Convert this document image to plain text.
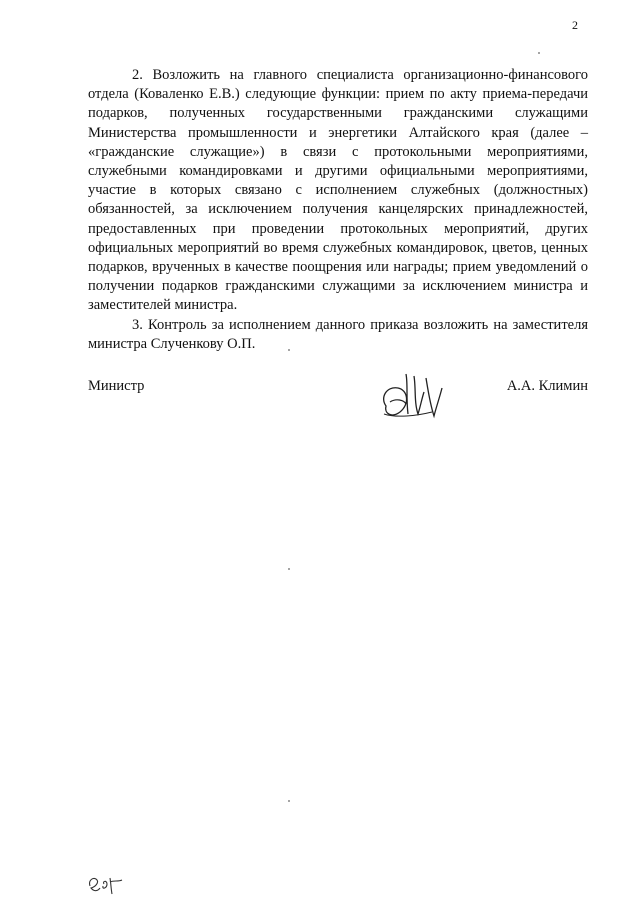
2

2. Возложить на главного специалиста организационно-финансового отдела (Коваленко Е.В.) следующие функции: прием по акту приема-передачи подарков, полученных государственными гражданскими служащими Министерства промышленности и энергетики Алтайского края (далее – «гражданские служащие») в связи с протокольными мероприятиями, служебными командировками и другими официальными мероприятиями, участие в которых связано с исполнением служебных (должностных) обязанностей, за исключением получения канцелярских принадлежностей, предоставленных при проведении протокольных мероприятий, других официальных мероприятий во время служебных командировок, цветов, ценных подарков, врученных в качестве поощрения или награды; прием уведомлений о получении подарков гражданскими служащими за исключением министра и заместителей министра.

3. Контроль за исполнением данного приказа возложить на заместителя министра Слученкову О.П.

Министр	А.А. Климин
